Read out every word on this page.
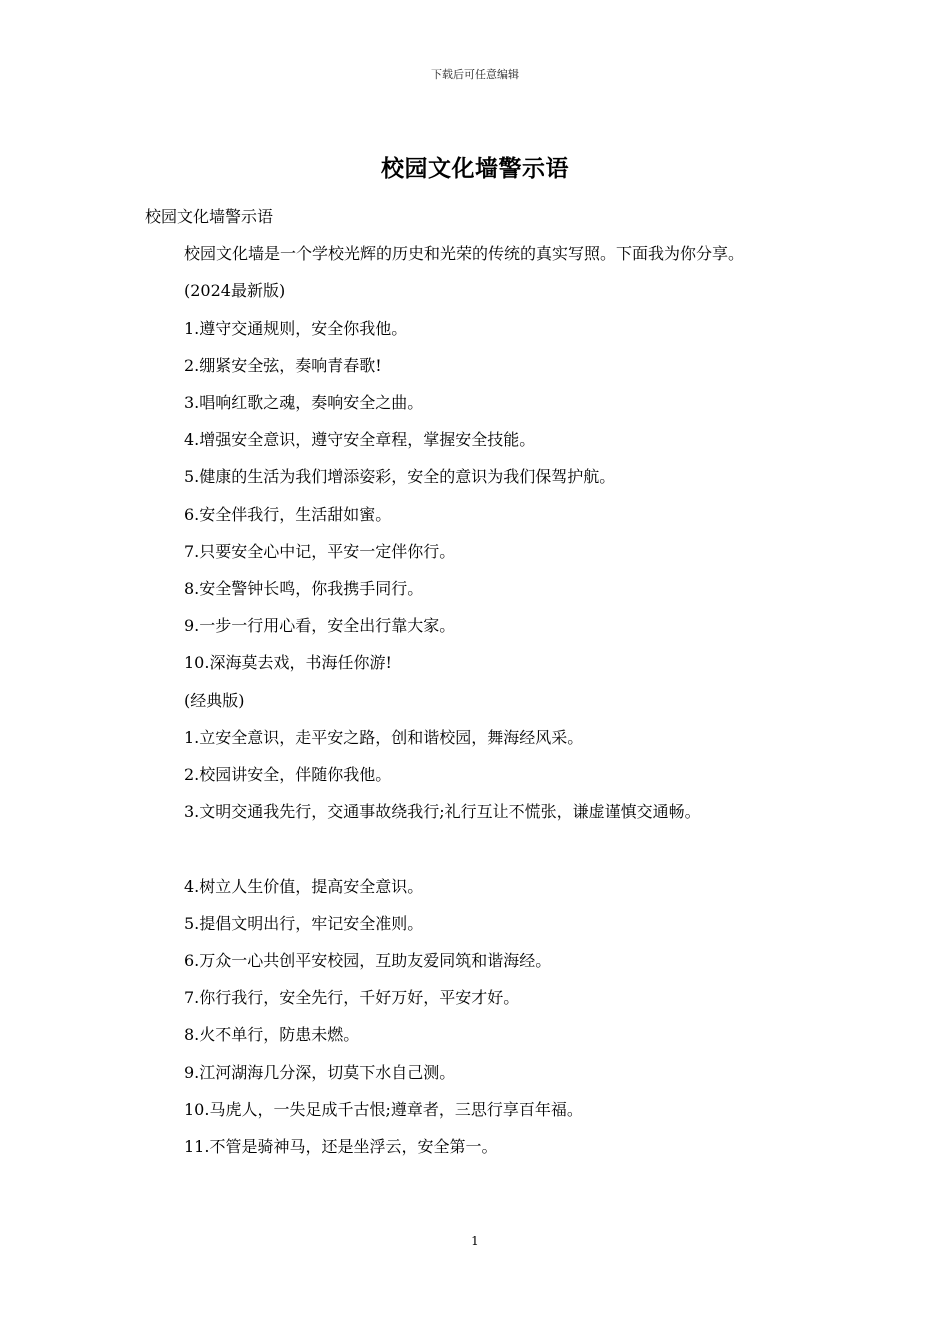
下载后可任意编辑
校园文化墙警示语
校园文化墙警示语
校园文化墙是一个学校光辉的历史和光荣的传统的真实写照。下面我为你分享。
(2024最新版)
1.遵守交通规则，安全你我他。
2.绷紧安全弦，奏响青春歌!
3.唱响红歌之魂，奏响安全之曲。
4.增强安全意识，遵守安全章程，掌握安全技能。
5.健康的生活为我们增添姿彩，安全的意识为我们保驾护航。
6.安全伴我行，生活甜如蜜。
7.只要安全心中记，平安一定伴你行。
8.安全警钟长鸣，你我携手同行。
9.一步一行用心看，安全出行靠大家。
10.深海莫去戏，书海任你游!
(经典版)
1.立安全意识，走平安之路，创和谐校园，舞海经风采。
2.校园讲安全，伴随你我他。
3.文明交通我先行，交通事故绕我行;礼行互让不慌张，谦虚谨慎交通畅。
4.树立人生价值，提高安全意识。
5.提倡文明出行，牢记安全准则。
6.万众一心共创平安校园，互助友爱同筑和谐海经。
7.你行我行，安全先行，千好万好，平安才好。
8.火不单行，防患未燃。
9.江河湖海几分深，切莫下水自己测。
10.马虎人，一失足成千古恨;遵章者，三思行享百年福。
11.不管是骑神马，还是坐浮云，安全第一。
1
